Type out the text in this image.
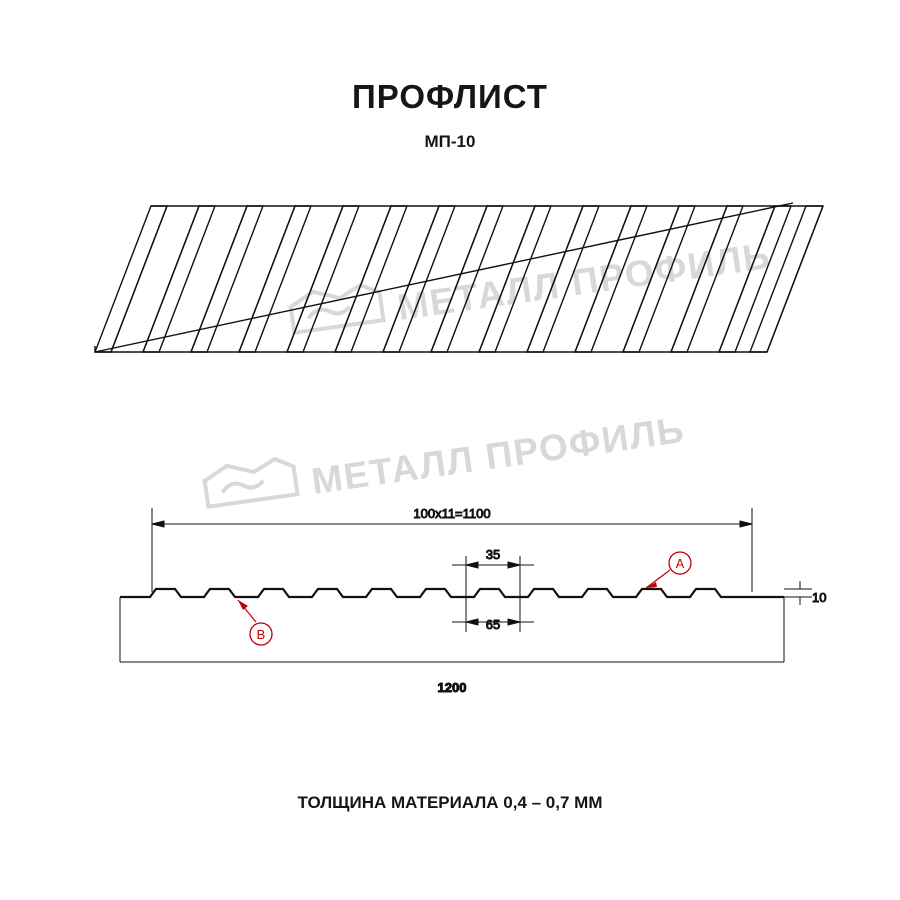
ПРОФЛИСТ
МП-10
ТОЛЩИНА МАТЕРИАЛА 0,4 – 0,7 ММ
МЕТАЛЛ ПРОФИЛЬ
МЕТАЛЛ ПРОФИЛЬ
100x11=1100
35
65
10
1200
A
B
